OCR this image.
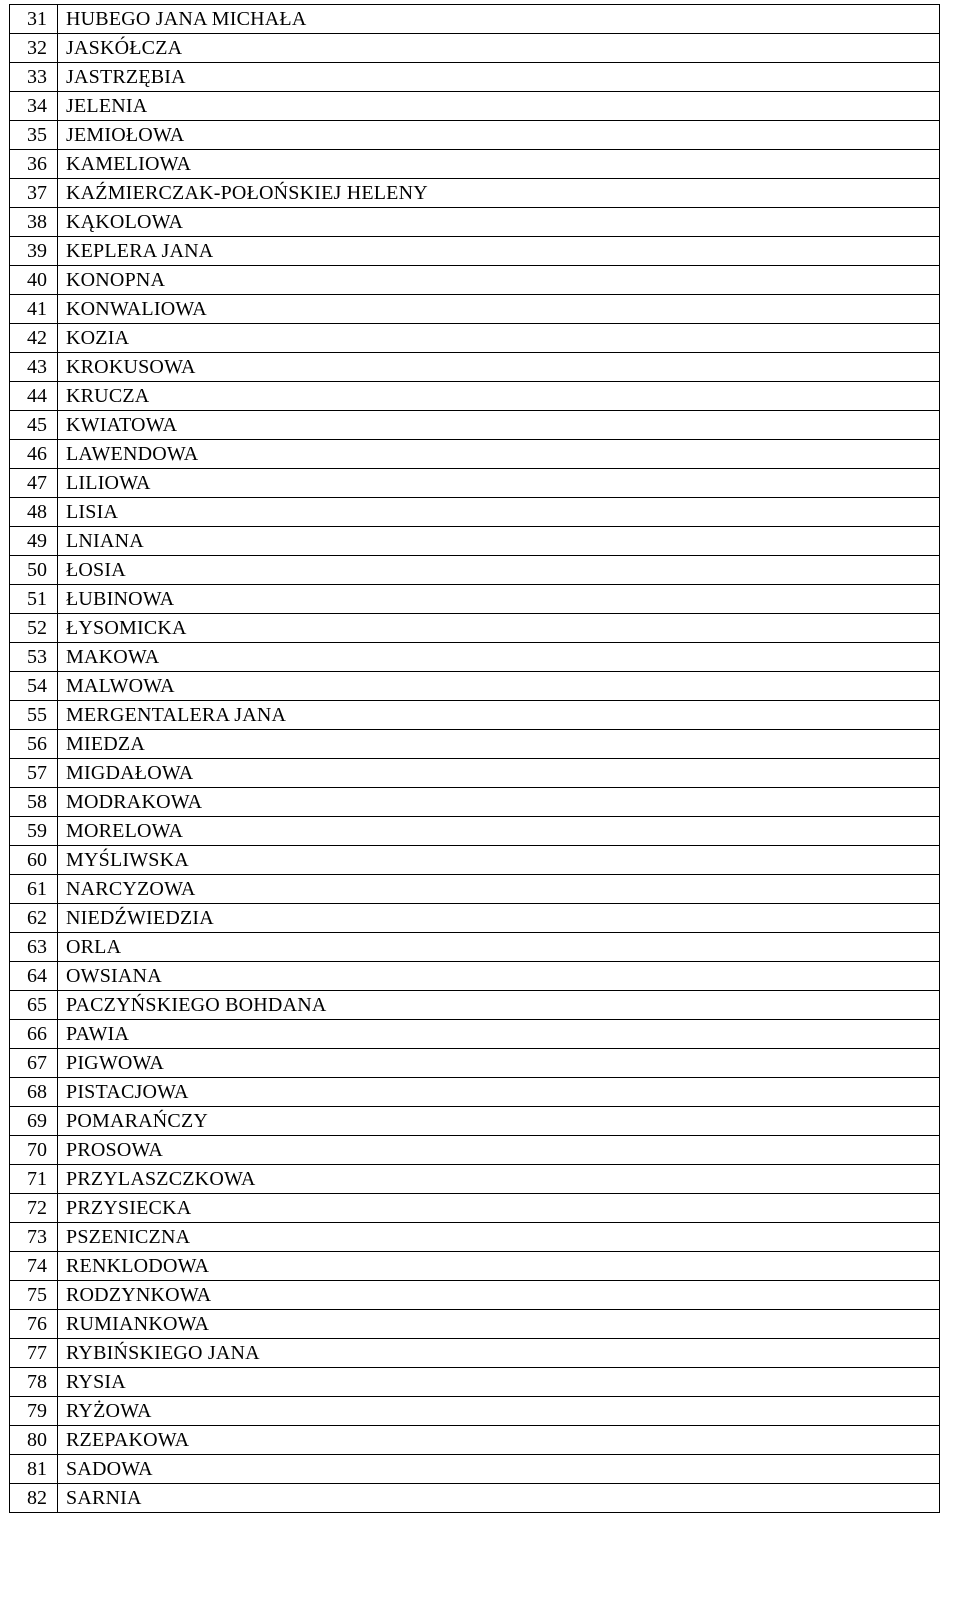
31	HUBEGO JANA MICHAŁA
32	JASKÓŁCZA
33	JASTRZĘBIA
34	JELENIA
35	JEMIOŁOWA
36	KAMELIOWA
37	KAŹMIERCZAK-POŁOŃSKIEJ HELENY
38	KĄKOLOWA
39	KEPLERA JANA
40	KONOPNA
41	KONWALIOWA
42	KOZIA
43	KROKUSOWA
44	KRUCZA
45	KWIATOWA
46	LAWENDOWA
47	LILIOWA
48	LISIA
49	LNIANA
50	ŁOSIA
51	ŁUBINOWA
52	ŁYSOMICKA
53	MAKOWA
54	MALWOWA
55	MERGENTALERA JANA
56	MIEDZA
57	MIGDAŁOWA
58	MODRAKOWA
59	MORELOWA
60	MYŚLIWSKA
61	NARCYZOWA
62	NIEDŹWIEDZIA
63	ORLA
64	OWSIANA
65	PACZYŃSKIEGO BOHDANA
66	PAWIA
67	PIGWOWA
68	PISTACJOWA
69	POMARAŃCZY
70	PROSOWA
71	PRZYLASZCZKOWA
72	PRZYSIECKA
73	PSZENICZNA
74	RENKLODOWA
75	RODZYNKOWA
76	RUMIANKOWA
77	RYBIŃSKIEGO JANA
78	RYSIA
79	RYŻOWA
80	RZEPAKOWA
81	SADOWA
82	SARNIA
